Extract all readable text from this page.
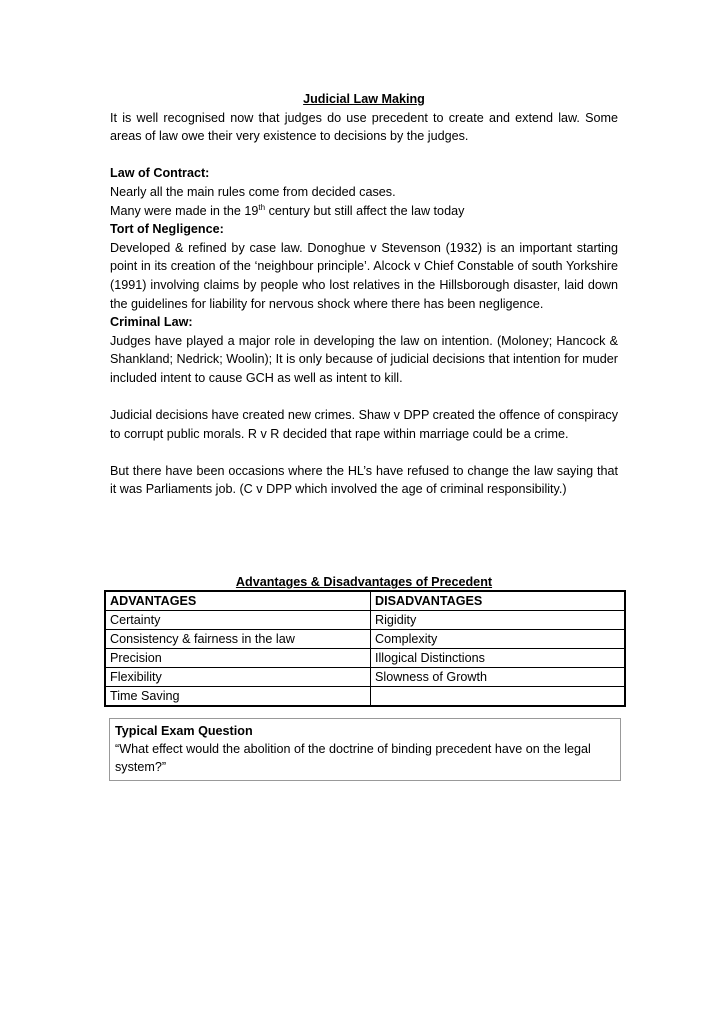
Judicial Law Making

It is well recognised now that judges do use precedent to create and extend law. Some areas of law owe their very existence to decisions by the judges.

Law of Contract:

Nearly all the main rules come from decided cases.

Many were made in the 19th century but still affect the law today

Tort of Negligence:

Developed & refined by case law. Donoghue v Stevenson (1932) is an important starting point in its creation of the ‘neighbour principle’. Alcock v Chief Constable of south Yorkshire (1991) involving claims by people who lost relatives in the Hillsborough disaster, laid down the guidelines for liability for nervous shock where there has been negligence.

Criminal Law:

Judges have played a major role in developing the law on intention. (Moloney; Hancock & Shankland; Nedrick; Woolin); It is only because of judicial decisions that intention for muder included intent to cause GCH as well as intent to kill.

Judicial decisions have created new crimes. Shaw v DPP created the offence of conspiracy to corrupt public morals. R v R decided that rape within marriage could be a crime.

But there have been occasions where the HL’s have refused to change the law saying that it was Parliaments job. (C v DPP which involved the age of criminal responsibility.)

Advantages & Disadvantages of Precedent
ADVANTAGES	DISADVANTAGES
Certainty	Rigidity
Consistency & fairness in the law	Complexity
Precision	Illogical Distinctions
Flexibility	Slowness of Growth
Time Saving	
Typical Exam Question
“What effect would the abolition of the doctrine of binding precedent have on the legal system?”
